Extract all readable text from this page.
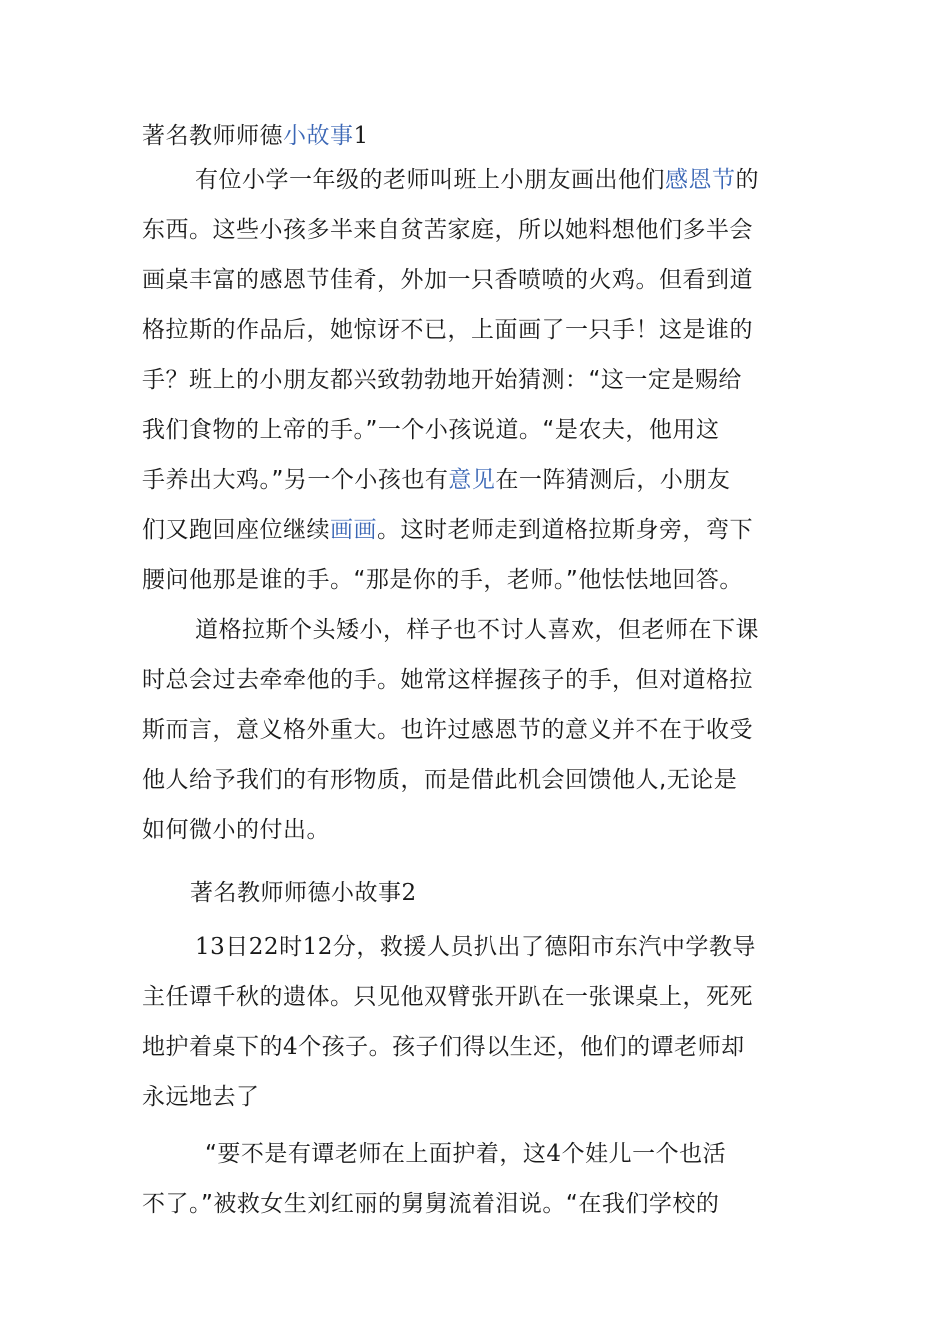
著名教师师德小故事1
有位小学一年级的老师叫班上小朋友画出他们感恩节的
东西。这些小孩多半来自贫苦家庭，所以她料想他们多半会
画桌丰富的感恩节佳肴，外加一只香喷喷的火鸡。但看到道
格拉斯的作品后，她惊讶不已，上面画了一只手！这是谁的
手？班上的小朋友都兴致勃勃地开始猜测：“这一定是赐给
我们食物的上帝的手。”一个小孩说道。“是农夫，他用这
手养出大鸡。”另一个小孩也有意见在一阵猜测后，小朋友
们又跑回座位继续画画。这时老师走到道格拉斯身旁，弯下
腰问他那是谁的手。“那是你的手，老师。”他怯怯地回答。
道格拉斯个头矮小，样子也不讨人喜欢，但老师在下课
时总会过去牵牵他的手。她常这样握孩子的手，但对道格拉
斯而言，意义格外重大。也许过感恩节的意义并不在于收受
他人给予我们的有形物质，而是借此机会回馈他人,无论是
如何微小的付出。
著名教师师德小故事2
13日22时12分，救援人员扒出了德阳市东汽中学教导
主任谭千秋的遗体。只见他双臂张开趴在一张课桌上，死死
地护着桌下的4个孩子。孩子们得以生还，他们的谭老师却
永远地去了
“要不是有谭老师在上面护着，这4个娃儿一个也活
不了。”被救女生刘红丽的舅舅流着泪说。“在我们学校的
